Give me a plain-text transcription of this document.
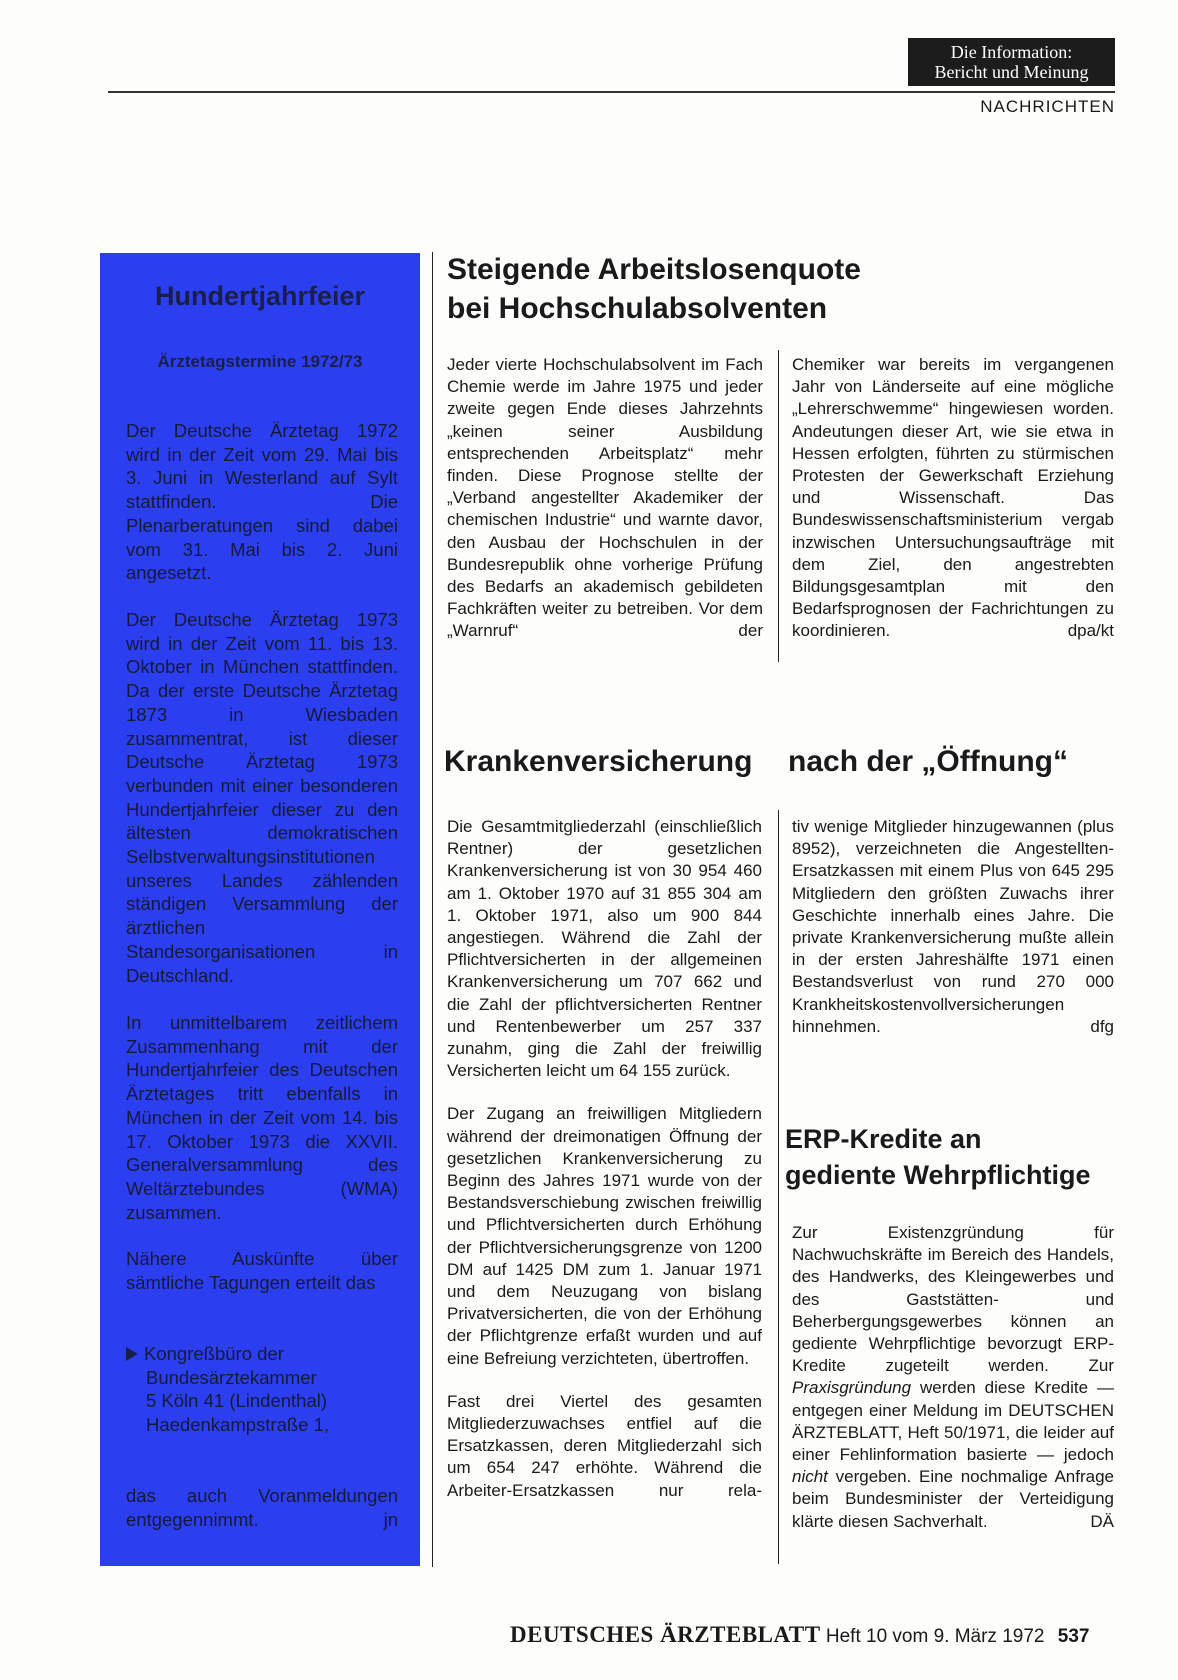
Die Information:
Bericht und Meinung
NACHRICHTEN
Hundertjahrfeier
Ärztetagstermine 1972/73

Der Deutsche Ärztetag 1972 wird in der Zeit vom 29. Mai bis 3. Juni in Westerland auf Sylt stattfinden. Die Plenarberatungen sind dabei vom 31. Mai bis 2. Juni angesetzt.

Der Deutsche Ärztetag 1973 wird in der Zeit vom 11. bis 13. Oktober in München stattfinden. Da der erste Deutsche Ärztetag 1873 in Wiesbaden zusammentrat, ist dieser Deutsche Ärztetag 1973 verbunden mit einer besonderen Hundertjahrfeier dieser zu den ältesten demokratischen Selbstverwaltungsinstitutionen unseres Landes zählenden ständigen Versammlung der ärztlichen Standesorganisationen in Deutschland.

In unmittelbarem zeitlichem Zusammenhang mit der Hundertjahrfeier des Deutschen Ärztetages tritt ebenfalls in München in der Zeit vom 14. bis 17. Oktober 1973 die XXVII. Generalversammlung des Weltärztebundes (WMA) zusammen.

Nähere Auskünfte über sämtliche Tagungen erteilt das

Kongreßbüro der
Bundesärztekammer
5 Köln 41 (Lindenthal)
Haedenkampstraße 1,

das auch Voranmeldungen entgegennimmt.	jn

Steigende Arbeitslosenquote
bei Hochschulabsolventen

Jeder vierte Hochschulabsolvent im Fach Chemie werde im Jahre 1975 und jeder zweite gegen Ende dieses Jahrzehnts „keinen seiner Ausbildung entsprechenden Arbeitsplatz“ mehr finden. Diese Prognose stellte der „Verband angestellter Akademiker der chemischen Industrie“ und warnte davor, den Ausbau der Hochschulen in der Bundesrepublik ohne vorherige Prüfung des Bedarfs an akademisch gebildeten Fachkräften weiter zu betreiben. Vor dem „Warnruf“ der

Chemiker war bereits im vergangenen Jahr von Länderseite auf eine mögliche „Lehrerschwemme“ hingewiesen worden. Andeutungen dieser Art, wie sie etwa in Hessen erfolgten, führten zu stürmischen Protesten der Gewerkschaft Erziehung und Wissenschaft. Das Bundeswissenschaftsministerium vergab inzwischen Untersuchungsaufträge mit dem Ziel, den angestrebten Bildungsgesamtplan mit den Bedarfsprognosen der Fachrichtungen zu koordinieren.	dpa/kt

Krankenversicherung nach der „Öffnung“

Die Gesamtmitgliederzahl (einschließlich Rentner) der gesetzlichen Krankenversicherung ist von 30 954 460 am 1. Oktober 1970 auf 31 855 304 am 1. Oktober 1971, also um 900 844 angestiegen. Während die Zahl der Pflichtversicherten in der allgemeinen Krankenversicherung um 707 662 und die Zahl der pflichtversicherten Rentner und Rentenbewerber um 257 337 zunahm, ging die Zahl der freiwillig Versicherten leicht um 64 155 zurück.

Der Zugang an freiwilligen Mitgliedern während der dreimonatigen Öffnung der gesetzlichen Krankenversicherung zu Beginn des Jahres 1971 wurde von der Bestandsverschiebung zwischen freiwillig und Pflichtversicherten durch Erhöhung der Pflichtversicherungsgrenze von 1200 DM auf 1425 DM zum 1. Januar 1971 und dem Neuzugang von bislang Privatversicherten, die von der Erhöhung der Pflichtgrenze erfaßt wurden und auf eine Befreiung verzichteten, übertroffen.

Fast drei Viertel des gesamten Mitgliederzuwachses entfiel auf die Ersatzkassen, deren Mitgliederzahl sich um 654 247 erhöhte. Während die Arbeiter-Ersatzkassen nur rela-

tiv wenige Mitglieder hinzugewannen (plus 8952), verzeichneten die Angestellten-Ersatzkassen mit einem Plus von 645 295 Mitgliedern den größten Zuwachs ihrer Geschichte innerhalb eines Jahre. Die private Krankenversicherung mußte allein in der ersten Jahreshälfte 1971 einen Bestandsverlust von rund 270 000 Krankheitskostenvollversicherungen hinnehmen.	dfg

ERP-Kredite an
gediente Wehrpflichtige

Zur Existenzgründung für Nachwuchskräfte im Bereich des Handels, des Handwerks, des Kleingewerbes und des Gaststätten- und Beherbergungsgewerbes können an gediente Wehrpflichtige bevorzugt ERP-Kredite zugeteilt werden. Zur Praxisgründung werden diese Kredite — entgegen einer Meldung im DEUTSCHEN ÄRZTEBLATT, Heft 50/1971, die leider auf einer Fehlinformation basierte — jedoch nicht vergeben. Eine nochmalige Anfrage beim Bundesminister der Verteidigung klärte diesen Sachverhalt.	DÄ

DEUTSCHES ÄRZTEBLATT Heft 10 vom 9. März 1972 537
